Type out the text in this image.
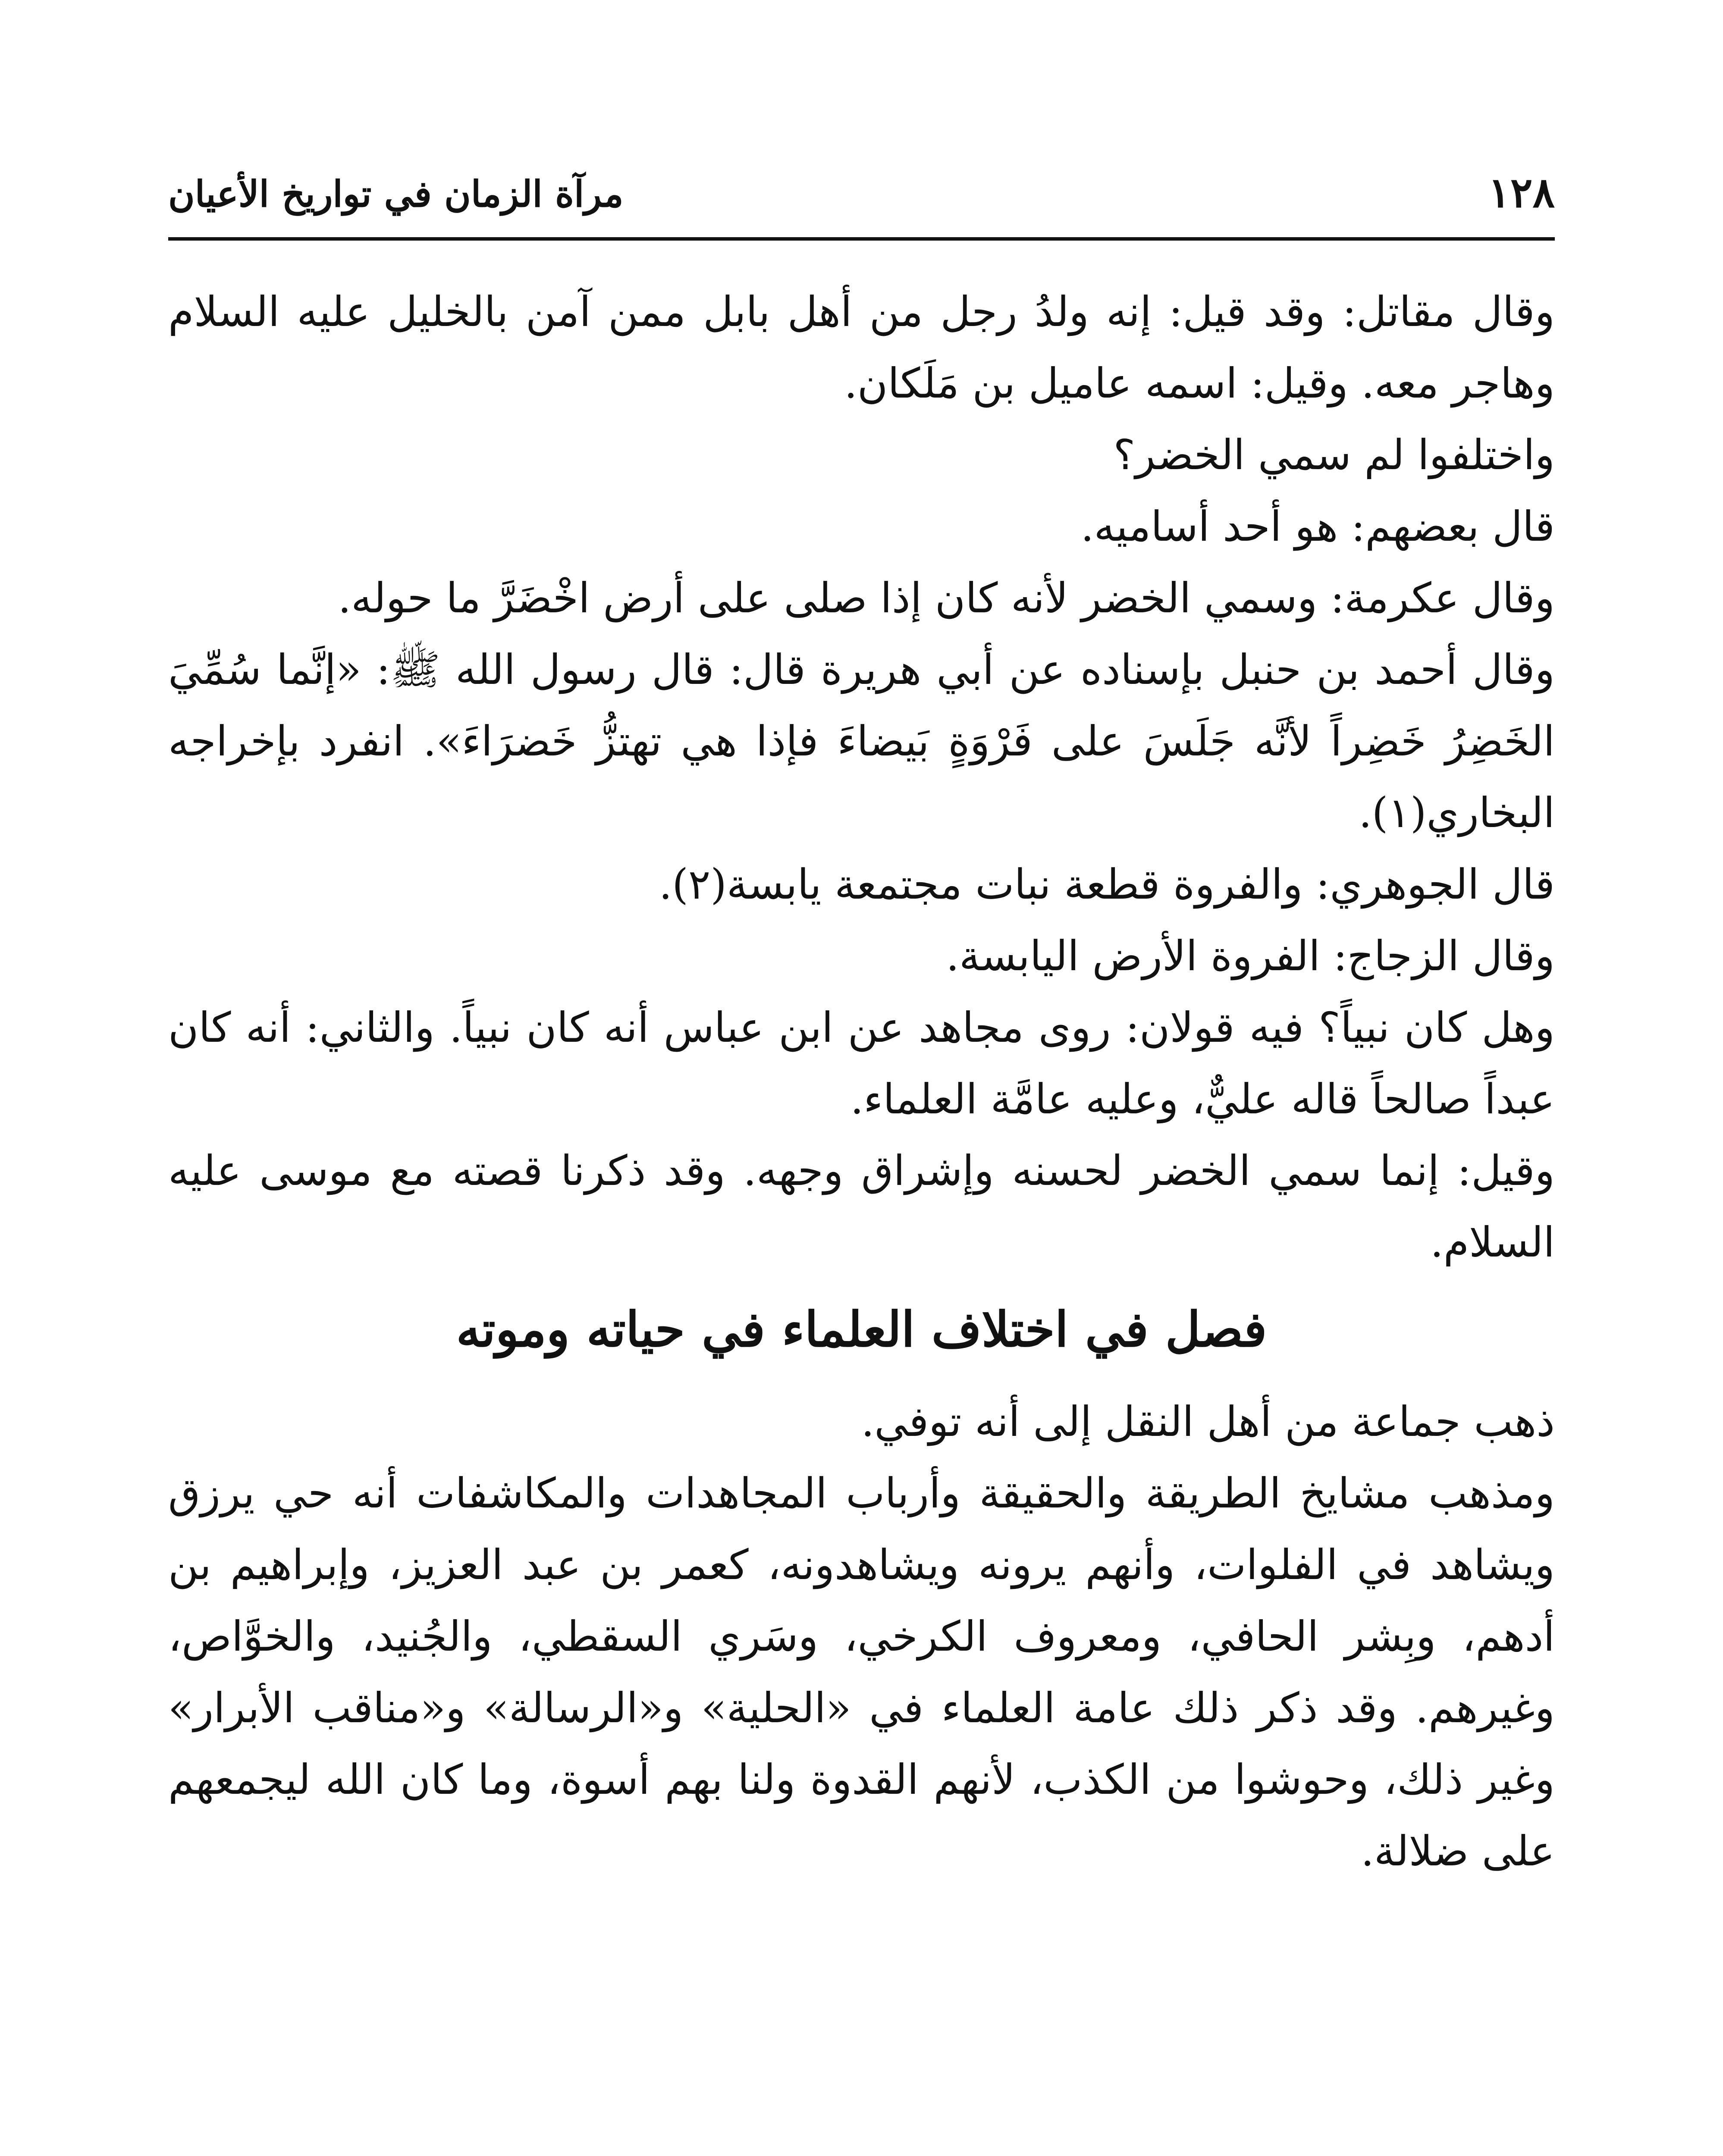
١٢٨
مرآة الزمان في تواريخ الأعيان

وقال مقاتل: وقد قيل: إنه ولدُ رجل من أهل بابل ممن آمن بالخليل عليه السلام وهاجر معه. وقيل: اسمه عاميل بن مَلَكان.

واختلفوا لم سمي الخضر؟

قال بعضهم: هو أحد أساميه.

وقال عكرمة: وسمي الخضر لأنه كان إذا صلى على أرض اخْضَرَّ ما حوله.

وقال أحمد بن حنبل بإسناده عن أبي هريرة قال: قال رسول الله ﷺ: «إنَّما سُمِّيَ الخَضِرُ خَضِراً لأنَّه جَلَسَ على فَرْوَةٍ بَيضاءَ فإذا هي تهتزُّ خَضرَاءَ». انفرد بإخراجه البخاري(١).

قال الجوهري: والفروة قطعة نبات مجتمعة يابسة(٢).

وقال الزجاج: الفروة الأرض اليابسة.

وهل كان نبياً؟ فيه قولان: روى مجاهد عن ابن عباس أنه كان نبياً. والثاني: أنه كان عبداً صالحاً قاله عليٌّ، وعليه عامَّة العلماء.

وقيل: إنما سمي الخضر لحسنه وإشراق وجهه. وقد ذكرنا قصته مع موسى عليه السلام.

فصل في اختلاف العلماء في حياته وموته

ذهب جماعة من أهل النقل إلى أنه توفي.

ومذهب مشايخ الطريقة والحقيقة وأرباب المجاهدات والمكاشفات أنه حي يرزق ويشاهد في الفلوات، وأنهم يرونه ويشاهدونه، كعمر بن عبد العزيز، وإبراهيم بن أدهم، وبِشر الحافي، ومعروف الكرخي، وسَري السقطي، والجُنيد، والخوَّاص، وغيرهم. وقد ذكر ذلك عامة العلماء في «الحلية» و«الرسالة» و«مناقب الأبرار» وغير ذلك، وحوشوا من الكذب، لأنهم القدوة ولنا بهم أسوة، وما كان الله ليجمعهم على ضلالة.
